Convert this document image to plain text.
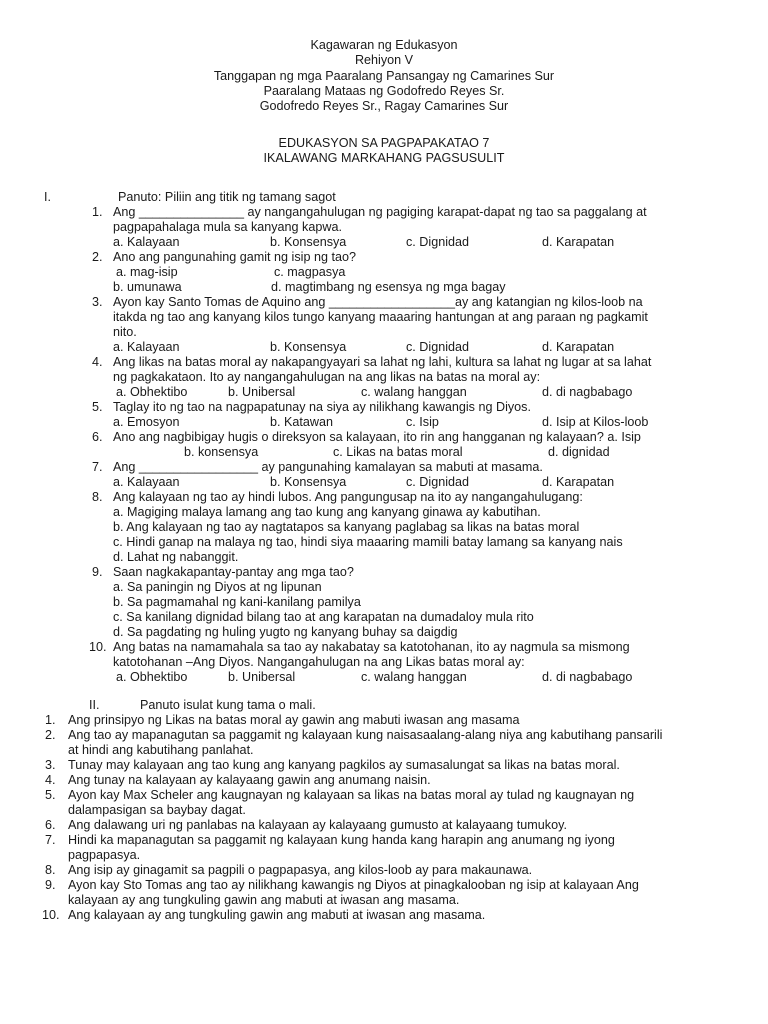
Kagawaran ng Edukasyon
Rehiyon V
Tanggapan ng mga Paaralang Pansangay ng Camarines Sur
Paaralang Mataas ng Godofredo Reyes Sr.
Godofredo Reyes Sr., Ragay Camarines Sur
EDUKASYON SA PAGPAPAKATAO 7
IKALAWANG MARKAHANG PAGSUSULIT
I.	Panuto: Piliin ang titik ng tamang sagot
1. Ang _______________ ay nangangahulugan ng pagiging karapat-dapat ng tao sa paggalang at
pagpapahalaga mula sa kanyang kapwa.
a. Kalayaan	b. Konsensya	c. Dignidad	d. Karapatan
2. Ano ang pangunahing gamit ng isip ng tao?
a. mag-isip	c. magpasya
b. umunawa	d. magtimbang ng esensya ng mga bagay
3. Ayon kay Santo Tomas de Aquino ang __________________ay ang katangian ng kilos-loob na
itakda ng tao ang kanyang kilos tungo kanyang maaaring hantungan at ang paraan ng pagkamit
nito.
a. Kalayaan	b. Konsensya	c. Dignidad	d. Karapatan
4. Ang likas na batas moral ay nakapangyayari sa lahat ng lahi, kultura sa lahat ng lugar at sa lahat
ng pagkakataon. Ito ay nangangahulugan na ang likas na batas na moral ay:
a. Obhektibo	b. Unibersal	c. walang hanggan	d. di nagbabago
5. Taglay ito ng tao na nagpapatunay na siya ay nilikhang kawangis ng Diyos.
a. Emosyon	b. Katawan	c. Isip	d. Isip at Kilos-loob
6. Ano ang nagbibigay hugis o direksyon sa kalayaan, ito rin ang hangganan ng kalayaan? a. Isip
b. konsensya	c. Likas na batas moral	d. dignidad
7. Ang _________________ ay pangunahing kamalayan sa mabuti at masama.
a. Kalayaan	b. Konsensya	c. Dignidad	d. Karapatan
8. Ang kalayaan ng tao ay hindi lubos. Ang pangungusap na ito ay nangangahulugang:
a. Magiging malaya lamang ang tao kung ang kanyang ginawa ay kabutihan.
b. Ang kalayaan ng tao ay nagtatapos sa kanyang paglabag sa likas na batas moral
c. Hindi ganap na malaya ng tao, hindi siya maaaring mamili batay lamang sa kanyang nais
d. Lahat ng nabanggit.
9. Saan nagkakapantay-pantay ang mga tao?
a. Sa paningin ng Diyos at ng lipunan
b. Sa pagmamahal ng kani-kanilang pamilya
c. Sa kanilang dignidad bilang tao at ang karapatan na dumadaloy mula rito
d. Sa pagdating ng huling yugto ng kanyang buhay sa daigdig
10. Ang batas na namamahala sa tao ay nakabatay sa katotohanan, ito ay nagmula sa mismong
katotohanan –Ang Diyos. Nangangahulugan na ang Likas batas moral ay:
a. Obhektibo	b. Unibersal	c. walang hanggan	d. di nagbabago
II.	Panuto isulat kung tama o mali.
1. Ang prinsipyo ng Likas na batas moral ay gawin ang mabuti iwasan ang masama
2. Ang tao ay mapanagutan sa paggamit ng kalayaan kung naisasaalang-alang niya ang kabutihang pansarili
at hindi ang kabutihang panlahat.
3. Tunay may kalayaan ang tao kung ang kanyang pagkilos ay sumasalungat sa likas na batas moral.
4. Ang tunay na kalayaan ay kalayaang gawin ang anumang naisin.
5. Ayon kay Max Scheler ang kaugnayan ng kalayaan sa likas na batas moral ay tulad ng kaugnayan ng
dalampasigan sa baybay dagat.
6. Ang dalawang uri ng panlabas na kalayaan ay kalayaang gumusto at kalayaang tumukoy.
7. Hindi ka mapanagutan sa paggamit ng kalayaan kung handa kang harapin ang anumang ng iyong
pagpapasya.
8. Ang isip ay ginagamit sa pagpili o pagpapasya, ang kilos-loob ay para makaunawa.
9. Ayon kay Sto Tomas ang tao ay nilikhang kawangis ng Diyos at pinagkalooban ng isip at kalayaan Ang
kalayaan ay ang tungkuling gawin ang mabuti at iwasan ang masama.
10. Ang kalayaan ay ang tungkuling gawin ang mabuti at iwasan ang masama.
